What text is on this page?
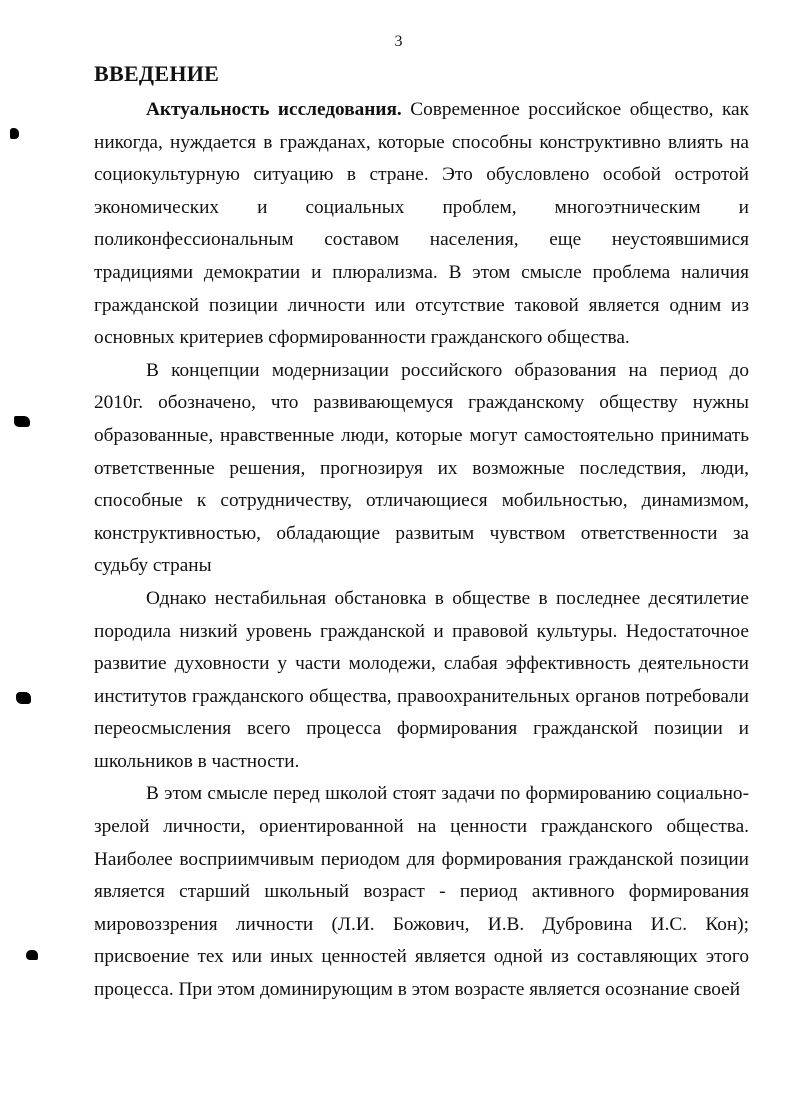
3
ВВЕДЕНИЕ

Актуальность исследования. Современное российское общество, как никогда, нуждается в гражданах, которые способны конструктивно влиять на социокультурную ситуацию в стране. Это обусловлено особой остротой экономических и социальных проблем, многоэтническим и поликонфессиональным составом населения, еще неустоявшимися традициями демократии и плюрализма. В этом смысле проблема наличия гражданской позиции личности или отсутствие таковой является одним из основных критериев сформированности гражданского общества.

В концепции модернизации российского образования на период до 2010г. обозначено, что развивающемуся гражданскому обществу нужны образованные, нравственные люди, которые могут самостоятельно принимать ответственные решения, прогнозируя их возможные последствия, люди, способные к сотрудничеству, отличающиеся мобильностью, динамизмом, конструктивностью, обладающие развитым чувством ответственности за судьбу страны

Однако нестабильная обстановка в обществе в последнее десятилетие породила низкий уровень гражданской и правовой культуры. Недостаточное развитие духовности у части молодежи, слабая эффективность деятельности институтов гражданского общества, правоохранительных органов потребовали переосмысления всего процесса формирования гражданской позиции и школьников в частности.

В этом смысле перед школой стоят задачи по формированию социально-зрелой личности, ориентированной на ценности гражданского общества. Наиболее восприимчивым периодом для формирования гражданской позиции является старший школьный возраст - период активного формирования мировоззрения личности (Л.И. Божович, И.В. Дубровина И.С. Кон); присвоение тех или иных ценностей является одной из составляющих этого процесса. При этом доминирующим в этом возрасте является осознание своей
